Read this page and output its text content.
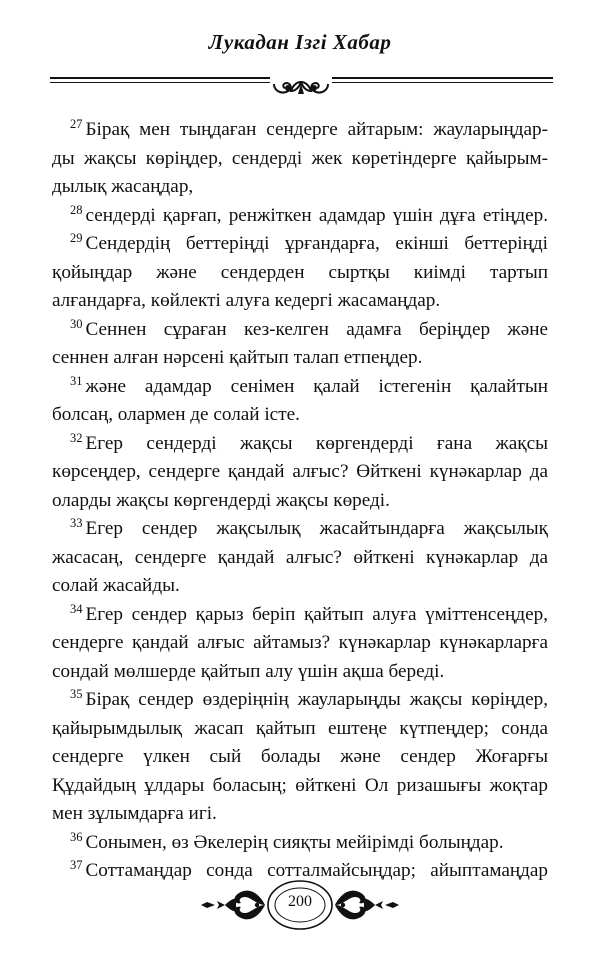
Лукадан Ізгі Хабар
$^{27}$ Бірақ мен тыңдаған сендерге айтарым: жауларыңдар-
ды жақсы көріңдер, сендерді жек көретіндерге қайырым-
дылық жасаңдар,
$^{28}$ сендерді қарғап, ренжіткен адамдар үшін дұға етіңдер.
$^{29}$ Сендердің беттеріңді ұрғандарға, екінші беттеріңді
қойыңдар және сендерден сыртқы киімді тартып
алғандарға, көйлекті алуға кедергі жасамаңдар.
$^{30}$ Сеннен сұраған кез-келген адамға беріңдер және
сеннен алған нәрсені қайтып талап етпеңдер.
$^{31}$ және адамдар сенімен қалай істегенін қалайтын
болсаң, олармен де солай істе.
$^{32}$ Егер сендерді жақсы көргендерді ғана жақсы
көрсеңдер, сендерге қандай алғыс? Өйткені күнәкарлар да
оларды жақсы көргендерді жақсы көреді.
$^{33}$ Егер сендер жақсылық жасайтындарға жақсылық
жасасаң, сендерге қандай алғыс? өйткені күнәкарлар да
солай жасайды.
$^{34}$ Егер сендер қарыз беріп қайтып алуға үміттенсеңдер,
сендерге қандай алғыс айтамыз? күнәкарлар күнәкарларға
сондай мөлшерде қайтып алу үшін ақша береді.
$^{35}$ Бірақ сендер өздеріңнің жауларыңды жақсы көріңдер,
қайырымдылық жасап қайтып ештеңе күтпеңдер; сонда
сендерге үлкен сый болады және сендер Жоғарғы
Құдайдың ұлдары боласың; өйткені Ол ризашығы жоқтар
мен зұлымдарға игі.
$^{36}$ Сонымен, өз Әкелерің сияқты мейірімді болыңдар.
$^{37}$ Соттамаңдар сонда сотталмайсыңдар; айыптамаңдар
200
